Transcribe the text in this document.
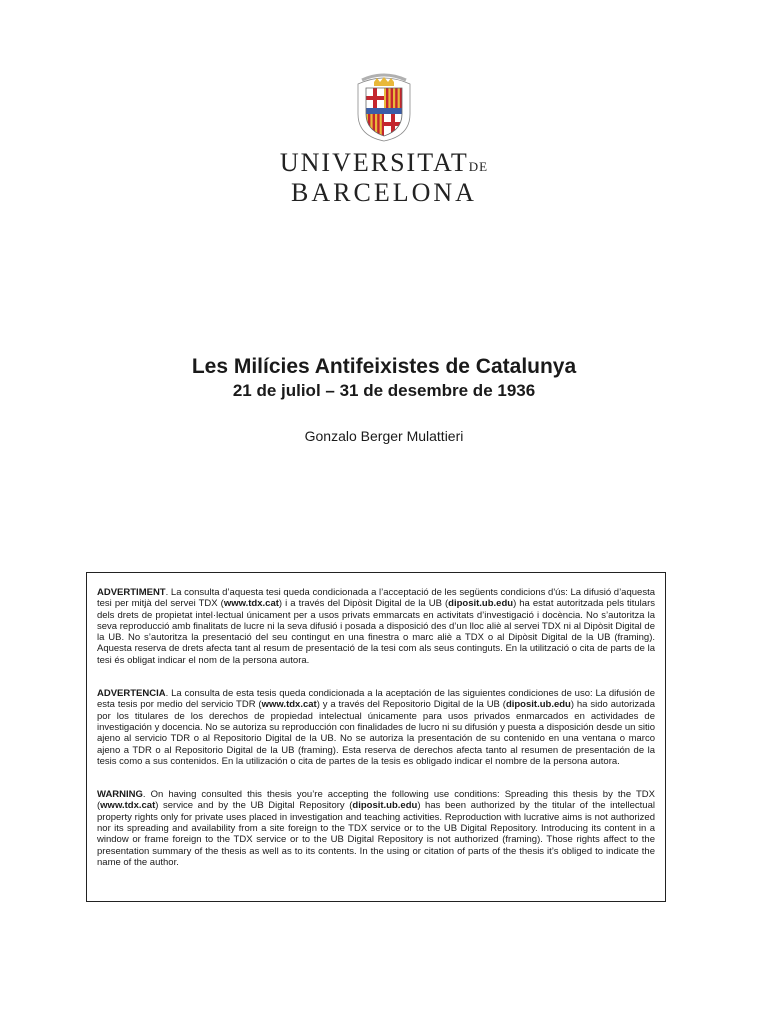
UNIVERSITATDE
BARCELONA
Les Milícies Antifeixistes de Catalunya
21 de juliol – 31 de desembre de 1936
Gonzalo Berger Mulattieri

ADVERTIMENT. La consulta d’aquesta tesi queda condicionada a l’acceptació de les següents condicions d'ús: La difusió d’aquesta tesi per mitjà del servei TDX (www.tdx.cat) i a través del Dipòsit Digital de la UB (diposit.ub.edu) ha estat autoritzada pels titulars dels drets de propietat intel·lectual únicament per a usos privats emmarcats en activitats d’investigació i docència. No s’autoritza la seva reproducció amb finalitats de lucre ni la seva difusió i posada a disposició des d’un lloc aliè al servei TDX ni al Dipòsit Digital de la UB. No s’autoritza la presentació del seu contingut en una finestra o marc aliè a TDX o al Dipòsit Digital de la UB (framing). Aquesta reserva de drets afecta tant al resum de presentació de la tesi com als seus continguts. En la utilització o cita de parts de la tesi és obligat indicar el nom de la persona autora.

ADVERTENCIA. La consulta de esta tesis queda condicionada a la aceptación de las siguientes condiciones de uso: La difusión de esta tesis por medio del servicio TDR (www.tdx.cat) y a través del Repositorio Digital de la UB (diposit.ub.edu) ha sido autorizada por los titulares de los derechos de propiedad intelectual únicamente para usos privados enmarcados en actividades de investigación y docencia. No se autoriza su reproducción con finalidades de lucro ni su difusión y puesta a disposición desde un sitio ajeno al servicio TDR o al Repositorio Digital de la UB. No se autoriza la presentación de su contenido en una ventana o marco ajeno a TDR o al Repositorio Digital de la UB (framing). Esta reserva de derechos afecta tanto al resumen de presentación de la tesis como a sus contenidos. En la utilización o cita de partes de la tesis es obligado indicar el nombre de la persona autora.

WARNING. On having consulted this thesis you’re accepting the following use conditions: Spreading this thesis by the TDX (www.tdx.cat) service and by the UB Digital Repository (diposit.ub.edu) has been authorized by the titular of the intellectual property rights only for private uses placed in investigation and teaching activities. Reproduction with lucrative aims is not authorized nor its spreading and availability from a site foreign to the TDX service or to the UB Digital Repository. Introducing its content in a window or frame foreign to the TDX service or to the UB Digital Repository is not authorized (framing). Those rights affect to the presentation summary of the thesis as well as to its contents. In the using or citation of parts of the thesis it’s obliged to indicate the name of the author.
